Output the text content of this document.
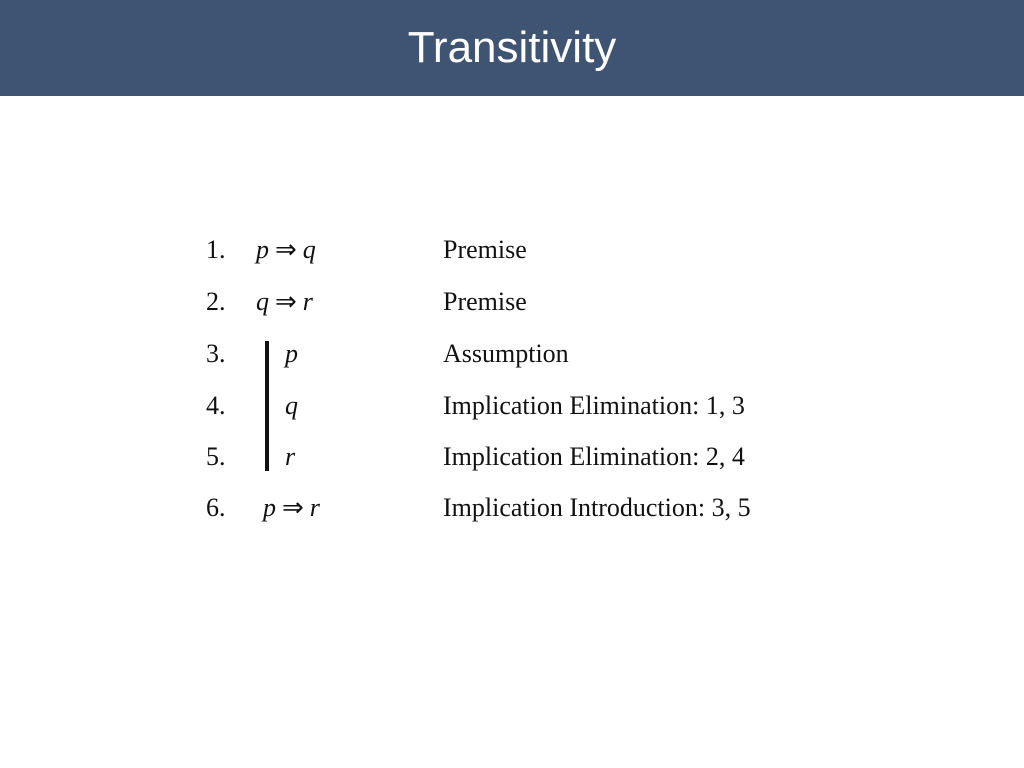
Transitivity
1. p ⇒ q	Premise
2. q ⇒ r	Premise
3. p	Assumption
4. q	Implication Elimination: 1, 3
5. r	Implication Elimination: 2, 4
6. p ⇒ r	Implication Introduction: 3, 5
